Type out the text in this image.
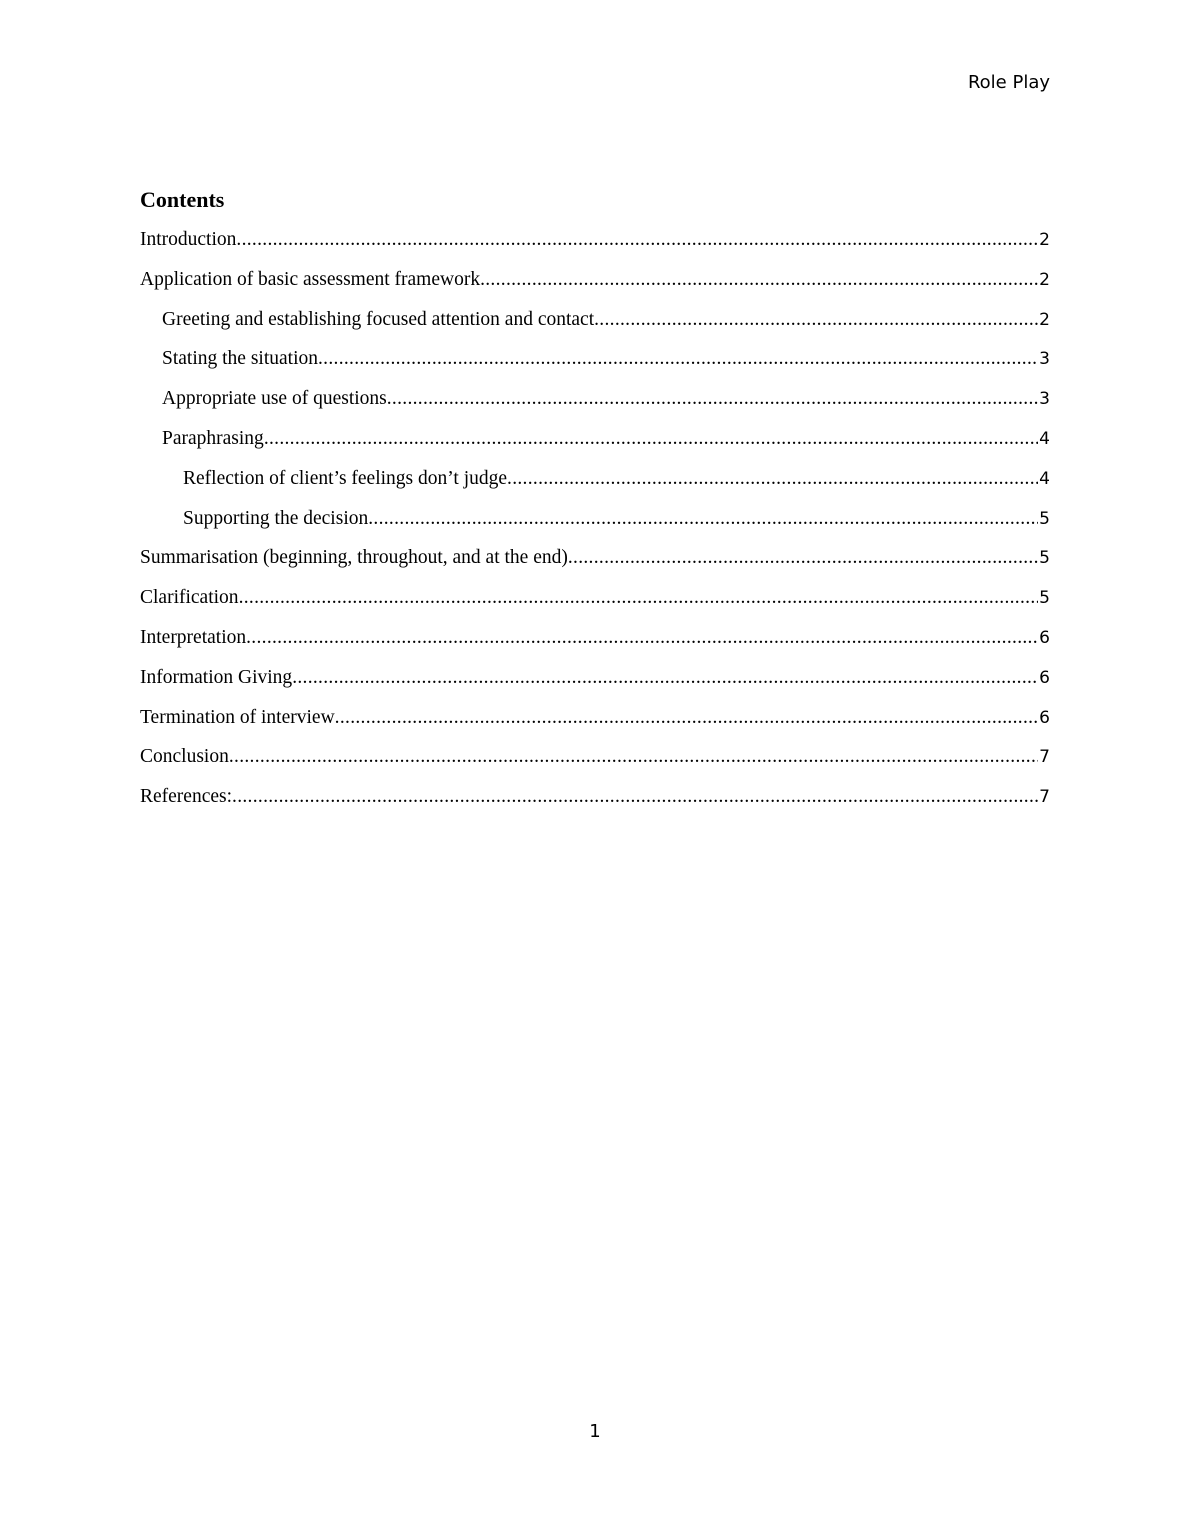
Role Play
Contents
Introduction .....	2
Application of basic assessment framework .....	2
Greeting and establishing focused attention and contact .....	2
Stating the situation .....	3
Appropriate use of questions .....	3
Paraphrasing .....	4
Reflection of client’s feelings don’t judge .....	4
Supporting the decision .....	5
Summarisation (beginning, throughout, and at the end) .....	5
Clarification .....	5
Interpretation .....	6
Information Giving .....	6
Termination of interview .....	6
Conclusion .....	7
References: .....	7
1
